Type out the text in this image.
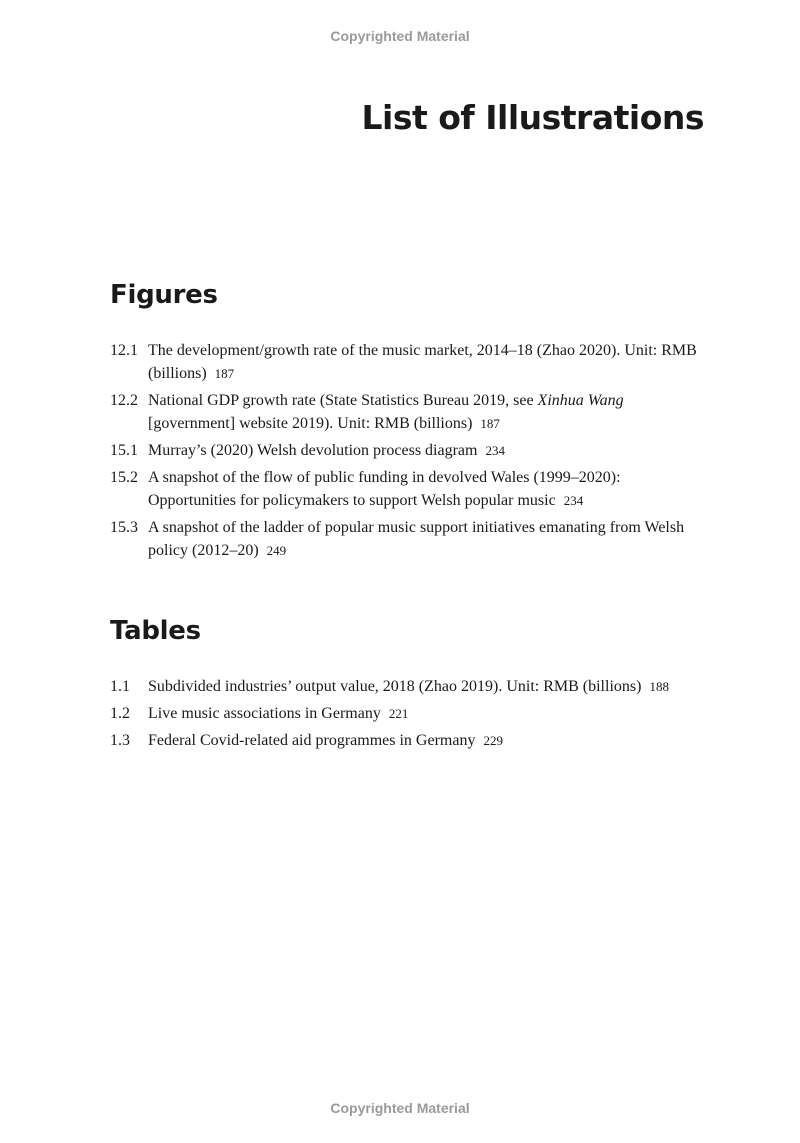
Copyrighted Material
List of Illustrations
Figures
12.1 The development/growth rate of the music market, 2014–18 (Zhao 2020). Unit: RMB (billions) 187
12.2 National GDP growth rate (State Statistics Bureau 2019, see Xinhua Wang [government] website 2019). Unit: RMB (billions) 187
15.1 Murray’s (2020) Welsh devolution process diagram 234
15.2 A snapshot of the flow of public funding in devolved Wales (1999–2020): Opportunities for policymakers to support Welsh popular music 234
15.3 A snapshot of the ladder of popular music support initiatives emanating from Welsh policy (2012–20) 249
Tables
1.1	Subdivided industries’ output value, 2018 (Zhao 2019). Unit: RMB (billions) 188
1.2	Live music associations in Germany 221
1.3	Federal Covid-related aid programmes in Germany 229
Copyrighted Material
